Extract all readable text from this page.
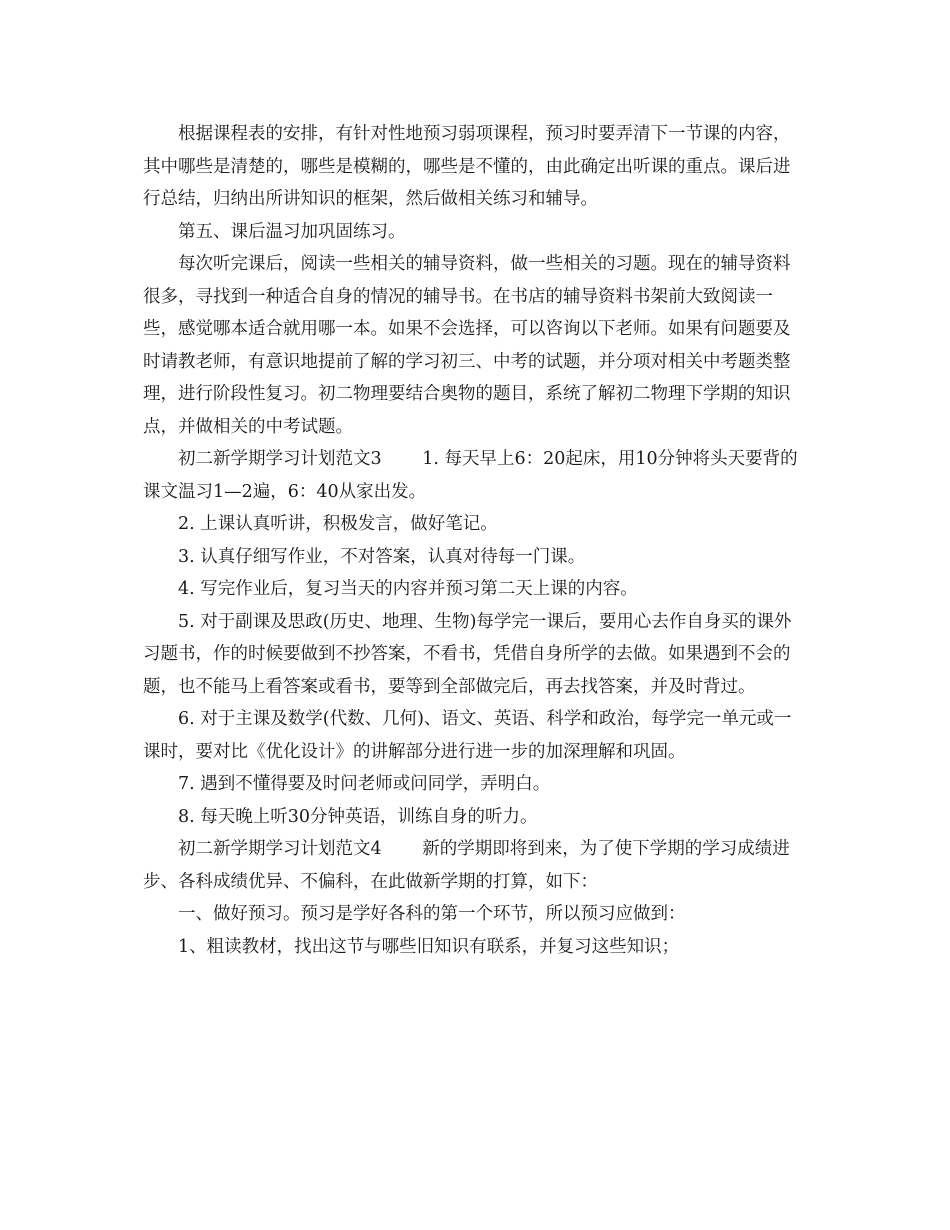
根据课程表的安排，有针对性地预习弱项课程，预习时要弄清下一节课的内容，其中哪些是清楚的，哪些是模糊的，哪些是不懂的，由此确定出听课的重点。课后进行总结，归纳出所讲知识的框架，然后做相关练习和辅导。

第五、课后温习加巩固练习。

每次听完课后，阅读一些相关的辅导资料，做一些相关的习题。现在的辅导资料很多，寻找到一种适合自身的情况的辅导书。在书店的辅导资料书架前大致阅读一些，感觉哪本适合就用哪一本。如果不会选择，可以咨询以下老师。如果有问题要及时请教老师，有意识地提前了解的学习初三、中考的试题，并分项对相关中考题类整理，进行阶段性复习。初二物理要结合奥物的题目，系统了解初二物理下学期的知识点，并做相关的中考试题。

初二新学期学习计划范文3　　 1. 每天早上6：20起床，用10分钟将头天要背的课文温习1—2遍，6：40从家出发。

2. 上课认真听讲，积极发言，做好笔记。

3. 认真仔细写作业，不对答案，认真对待每一门课。

4. 写完作业后，复习当天的内容并预习第二天上课的内容。

5. 对于副课及思政(历史、地理、生物)每学完一课后，要用心去作自身买的课外习题书，作的时候要做到不抄答案，不看书，凭借自身所学的去做。如果遇到不会的题，也不能马上看答案或看书，要等到全部做完后，再去找答案，并及时背过。

6. 对于主课及数学(代数、几何)、语文、英语、科学和政治，每学完一单元或一课时，要对比《优化设计》的讲解部分进行进一步的加深理解和巩固。

7. 遇到不懂得要及时问老师或问同学，弄明白。

8. 每天晚上听30分钟英语，训练自身的听力。

初二新学期学习计划范文4　　 新的学期即将到来，为了使下学期的学习成绩进步、各科成绩优异、不偏科，在此做新学期的打算，如下：

一、做好预习。预习是学好各科的第一个环节，所以预习应做到：

1、粗读教材，找出这节与哪些旧知识有联系，并复习这些知识；
